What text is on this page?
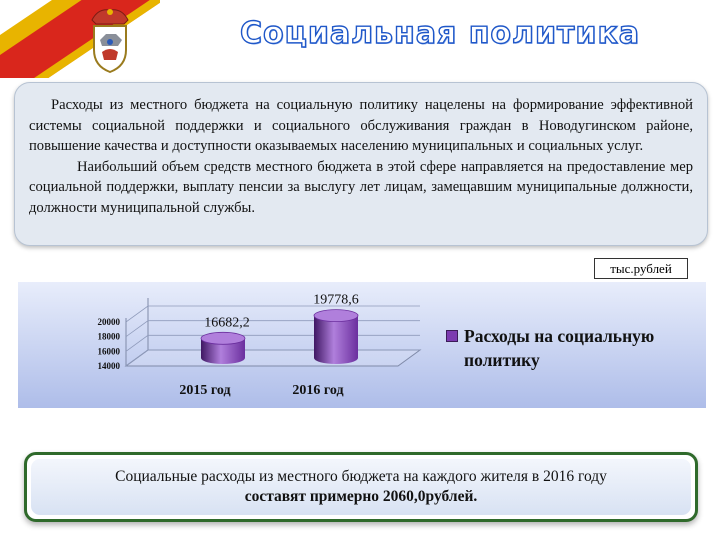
Социальная политика

Расходы из местного бюджета на социальную политику нацелены на формирование эффективной системы социальной поддержки и социального обслуживания граждан в Новодугинском районе, повышение качества и доступности оказываемых населению муниципальных и социальных услуг.

Наибольший объем средств местного бюджета в этой сфере направляется на предоставление мер социальной поддержки, выплату пенсии за выслугу лет лицам, замещавшим муниципальные должности, должности муниципальной службы.

тыс.рублей
20000
18000
16000
14000
16682,2
2015 год
19778,6
2016 год
Расходы на социальную политику
Социальные расходы из местного бюджета на каждого жителя в 2016 году
составят примерно 2060,0рублей.
